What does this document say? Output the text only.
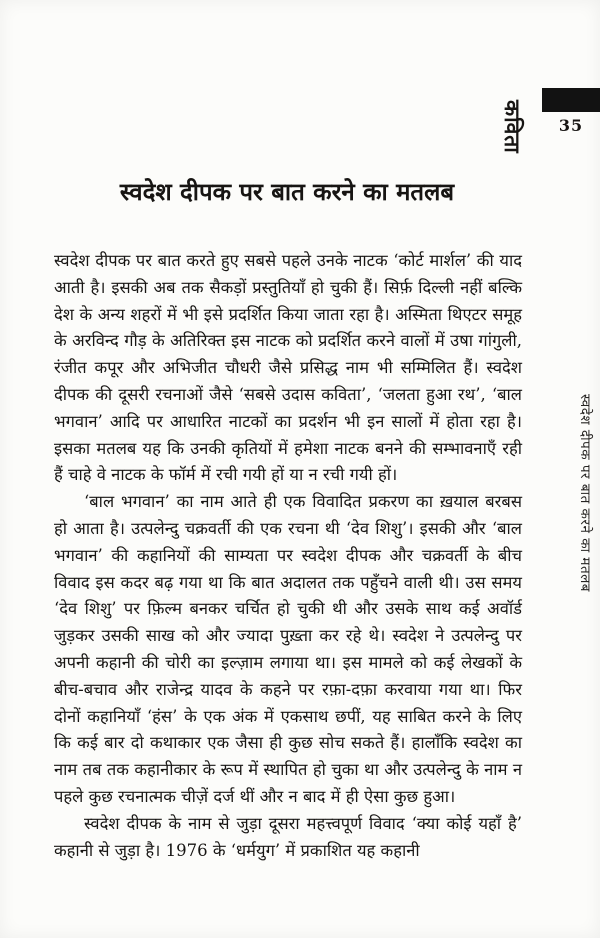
35
कविता
स्वदेश दीपक पर बात करने का मतलब

स्वदेश दीपक पर बात करते हुए सबसे पहले उनके नाटक ‘कोर्ट मार्शल’ की याद आती है। इसकी अब तक सैकड़ों प्रस्तुतियाँ हो चुकी हैं। सिर्फ़ दिल्ली नहीं बल्कि देश के अन्य शहरों में भी इसे प्रदर्शित किया जाता रहा है। अस्मिता थिएटर समूह के अरविन्द गौड़ के अतिरिक्त इस नाटक को प्रदर्शित करने वालों में उषा गांगुली, रंजीत कपूर और अभिजीत चौधरी जैसे प्रसिद्ध नाम भी सम्मिलित हैं। स्वदेश दीपक की दूसरी रचनाओं जैसे ‘सबसे उदास कविता’, ‘जलता हुआ रथ’, ‘बाल भगवान’ आदि पर आधारित नाटकों का प्रदर्शन भी इन सालों में होता रहा है। इसका मतलब यह कि उनकी कृतियों में हमेशा नाटक बनने की सम्भावनाएँ रही हैं चाहे वे नाटक के फॉर्म में रची गयी हों या न रची गयी हों।

‘बाल भगवान’ का नाम आते ही एक विवादित प्रकरण का ख़याल बरबस हो आता है। उत्पलेन्दु चक्रवर्ती की एक रचना थी ‘देव शिशु’। इसकी और ‘बाल भगवान’ की कहानियों की साम्यता पर स्वदेश दीपक और चक्रवर्ती के बीच विवाद इस कदर बढ़ गया था कि बात अदालत तक पहुँचने वाली थी। उस समय ‘देव शिशु’ पर फ़िल्म बनकर चर्चित हो चुकी थी और उसके साथ कई अवॉर्ड जुड़कर उसकी साख को और ज्यादा पुख़्ता कर रहे थे। स्वदेश ने उत्पलेन्दु पर अपनी कहानी की चोरी का इल्ज़ाम लगाया था। इस मामले को कई लेखकों के बीच-बचाव और राजेन्द्र यादव के कहने पर रफ़ा-दफ़ा करवाया गया था। फिर दोनों कहानियाँ ‘हंस’ के एक अंक में एकसाथ छपीं, यह साबित करने के लिए कि कई बार दो कथाकार एक जैसा ही कुछ सोच सकते हैं। हालाँकि स्वदेश का नाम तब तक कहानीकार के रूप में स्थापित हो चुका था और उत्पलेन्दु के नाम न पहले कुछ रचनात्मक चीज़ें दर्ज थीं और न बाद में ही ऐसा कुछ हुआ।

स्वदेश दीपक के नाम से जुड़ा दूसरा महत्त्वपूर्ण विवाद ‘क्या कोई यहाँ है’ कहानी से जुड़ा है। 1976 के ‘धर्मयुग’ में प्रकाशित यह कहानी

स्वदेश दीपक पर बात करने का मतलब
